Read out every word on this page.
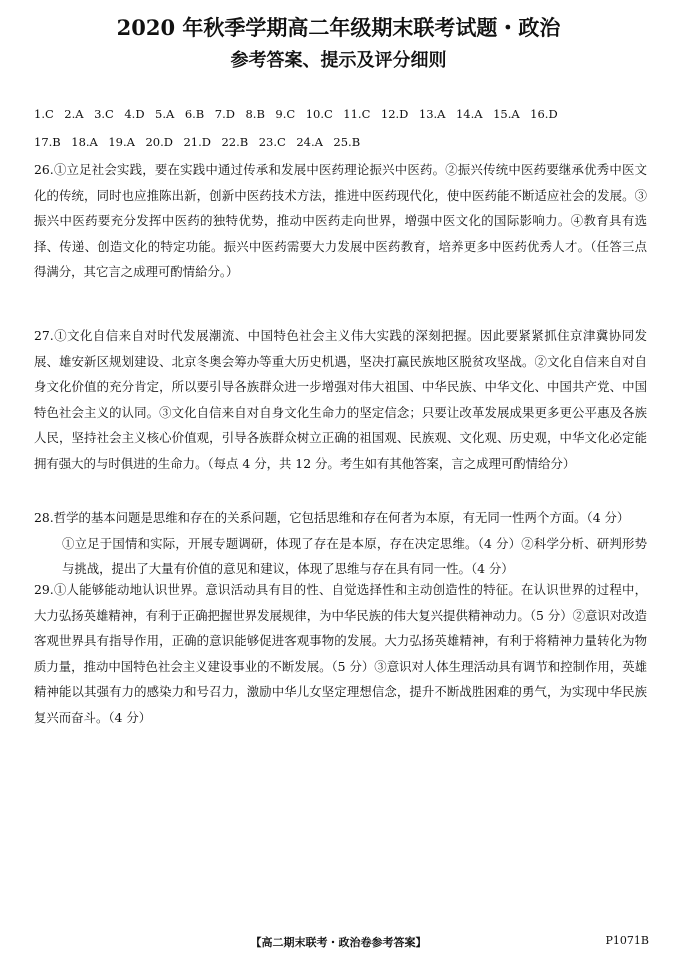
2020 年秋季学期高二年级期末联考试题・政治
参考答案、提示及评分细则
1.C 2.A 3.C 4.D 5.A 6.B 7.D 8.B 9.C 10.C 11.C 12.D 13.A 14.A 15.A 16.D
17.B 18.A 19.A 20.D 21.D 22.B 23.C 24.A 25.B
26.①立足社会实践，要在实践中通过传承和发展中医药理论振兴中医药。②振兴传统中医药要继承优秀中医文化的传统，同时也应推陈出新，创新中医药技术方法，推进中医药现代化，使中医药能不断适应社会的发展。③振兴中医药要充分发挥中医药的独特优势，推动中医药走向世界，增强中医文化的国际影响力。④教育具有选择、传递、创造文化的特定功能。振兴中医药需要大力发展中医药教育，培养更多中医药优秀人才。（任答三点得满分，其它言之成理可酌情給分。）
27.①文化自信来自对时代发展潮流、中国特色社会主义伟大实践的深刻把握。因此要紧紧抓住京津冀协同发展、雄安新区规划建设、北京冬奥会筹办等重大历史机遇，坚决打赢民族地区脱贫攻坚战。②文化自信来自对自身文化价值的充分肯定，所以要引导各族群众进一步增强对伟大祖国、中华民族、中华文化、中国共产党、中国特色社会主义的认同。③文化自信来自对自身文化生命力的坚定信念；只要让改革发展成果更多更公平惠及各族人民，坚持社会主义核心价值观，引导各族群众树立正确的祖国观、民族观、文化观、历史观，中华文化必定能拥有强大的与时俱进的生命力。（每点 4 分，共 12 分。考生如有其他答案，言之成理可酌情给分）
28.哲学的基本问题是思维和存在的关系问题，它包括思维和存在何者为本原，有无同一性两个方面。（4 分）
①立足于国情和实际，开展专题调研，体现了存在是本原，存在决定思维。（4 分）②科学分析、研判形势与挑战，提出了大量有价值的意见和建议，体现了思维与存在具有同一性。（4 分）
29.①人能够能动地认识世界。意识活动具有目的性、自觉选择性和主动创造性的特征。在认识世界的过程中，大力弘扬英雄精神，有利于正确把握世界发展规律，为中华民族的伟大复兴提供精神动力。（5 分）②意识对改造客观世界具有指导作用，正确的意识能够促进客观事物的发展。大力弘扬英雄精神，有利于将精神力量转化为物质力量，推动中国特色社会主义建设事业的不断发展。（5 分）③意识对人体生理活动具有调节和控制作用，英雄精神能以其强有力的感染力和号召力，激励中华儿女坚定理想信念，提升不断战胜困难的勇气，为实现中华民族复兴而奋斗。（4 分）
【高二期末联考・政治卷参考答案】	P1071B
